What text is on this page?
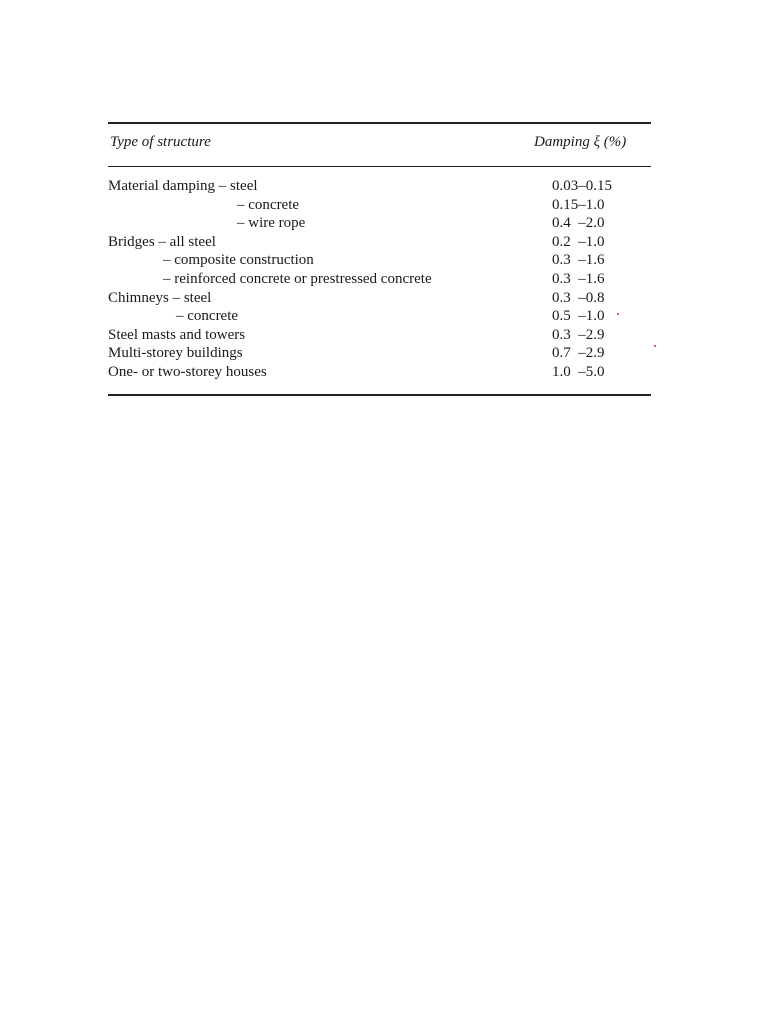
Type of structure	Damping ξ (%)
Material damping – steel	0.03–0.15
– concrete	0.15–1.0
– wire rope	0.4  –2.0
Bridges – all steel	0.2  –1.0
– composite construction	0.3  –1.6
– reinforced concrete or prestressed concrete	0.3  –1.6
Chimneys – steel	0.3  –0.8
– concrete	0.5  –1.0
Steel masts and towers	0.3  –2.9
Multi-storey buildings	0.7  –2.9
One- or two-storey houses	1.0  –5.0
